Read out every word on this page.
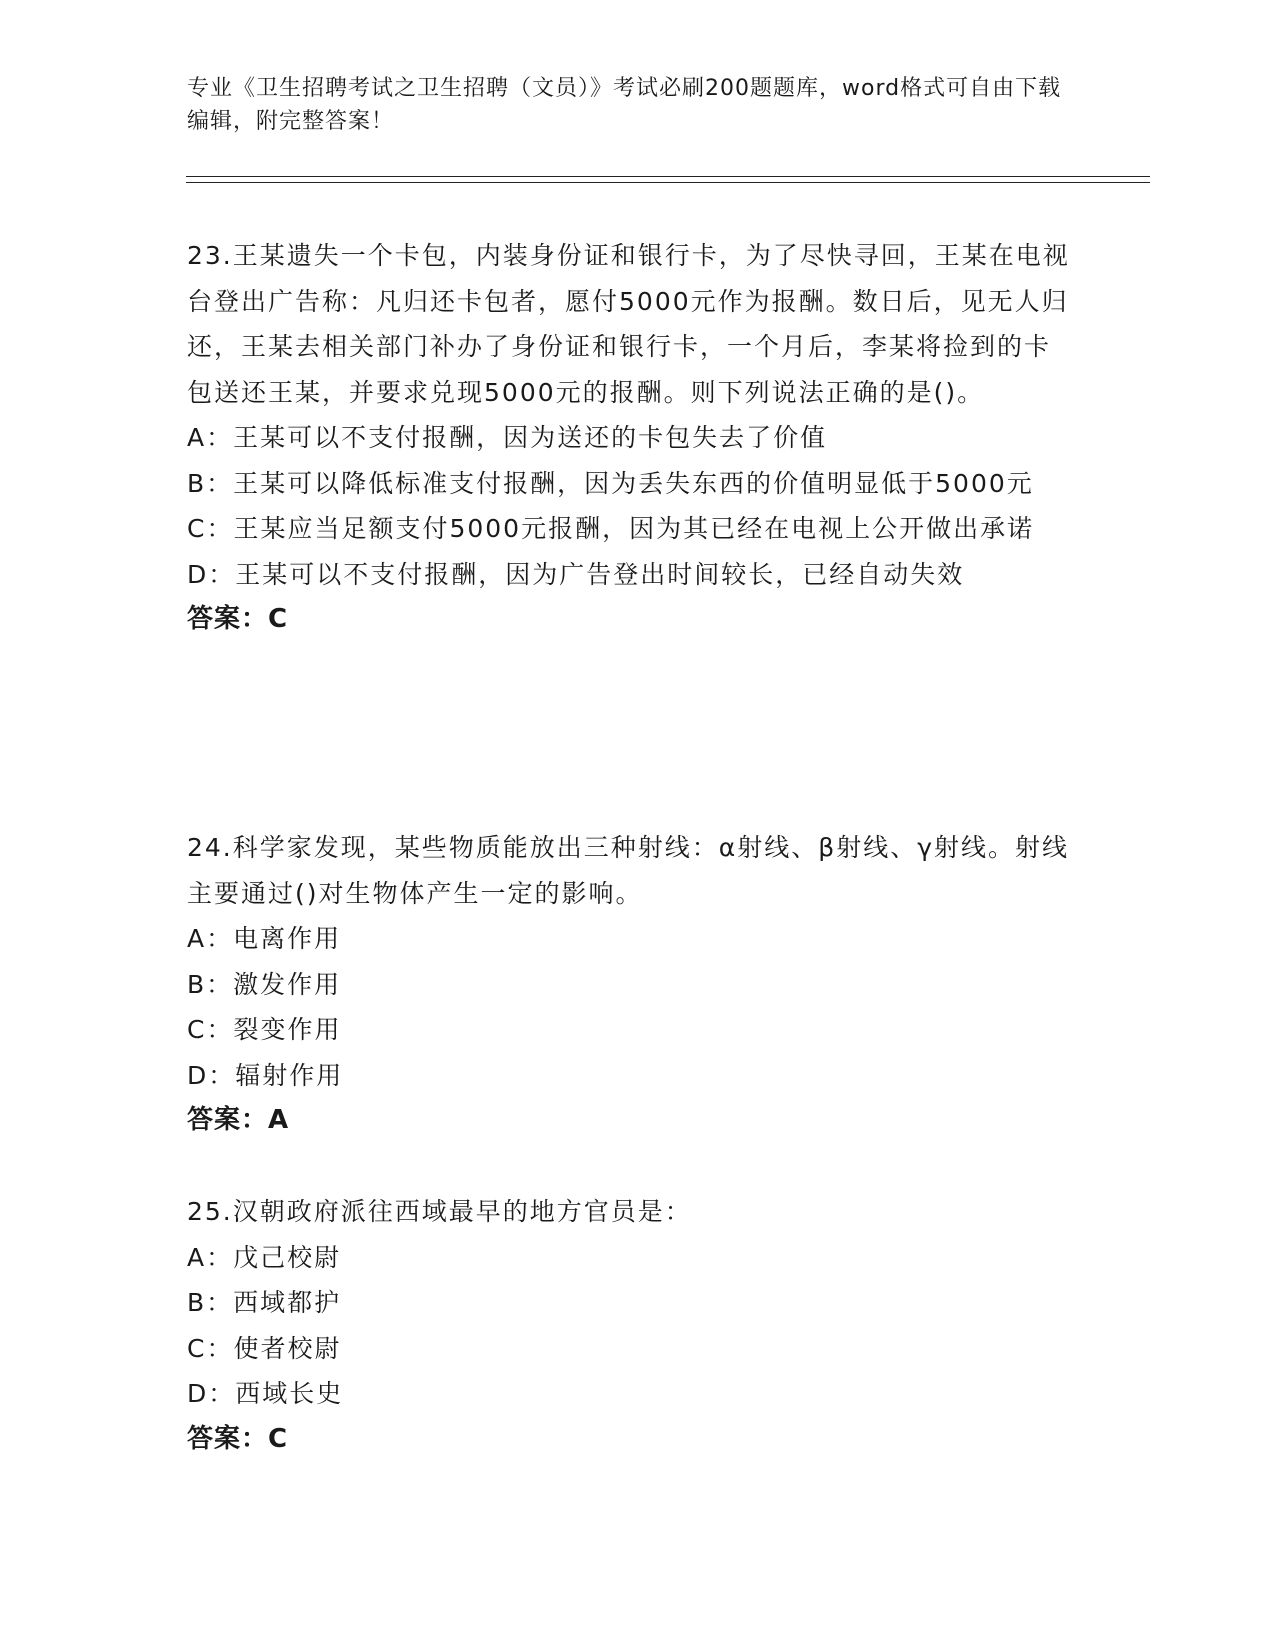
专业《卫生招聘考试之卫生招聘（文员）》考试必刷200题题库，word格式可自由下载编辑，附完整答案！
23.王某遗失一个卡包，内装身份证和银行卡，为了尽快寻回，王某在电视台登出广告称：凡归还卡包者，愿付5000元作为报酬。数日后，见无人归还，王某去相关部门补办了身份证和银行卡，一个月后，李某将捡到的卡包送还王某，并要求兑现5000元的报酬。则下列说法正确的是()。
A：王某可以不支付报酬，因为送还的卡包失去了价值
B：王某可以降低标准支付报酬，因为丢失东西的价值明显低于5000元
C：王某应当足额支付5000元报酬，因为其已经在电视上公开做出承诺
D：王某可以不支付报酬，因为广告登出时间较长，已经自动失效
答案：C
24.科学家发现，某些物质能放出三种射线：α射线、β射线、γ射线。射线主要通过()对生物体产生一定的影响。
A：电离作用
B：激发作用
C：裂变作用
D：辐射作用
答案：A
25.汉朝政府派往西域最早的地方官员是：
A：戊己校尉
B：西域都护
C：使者校尉
D：西域长史
答案：C
